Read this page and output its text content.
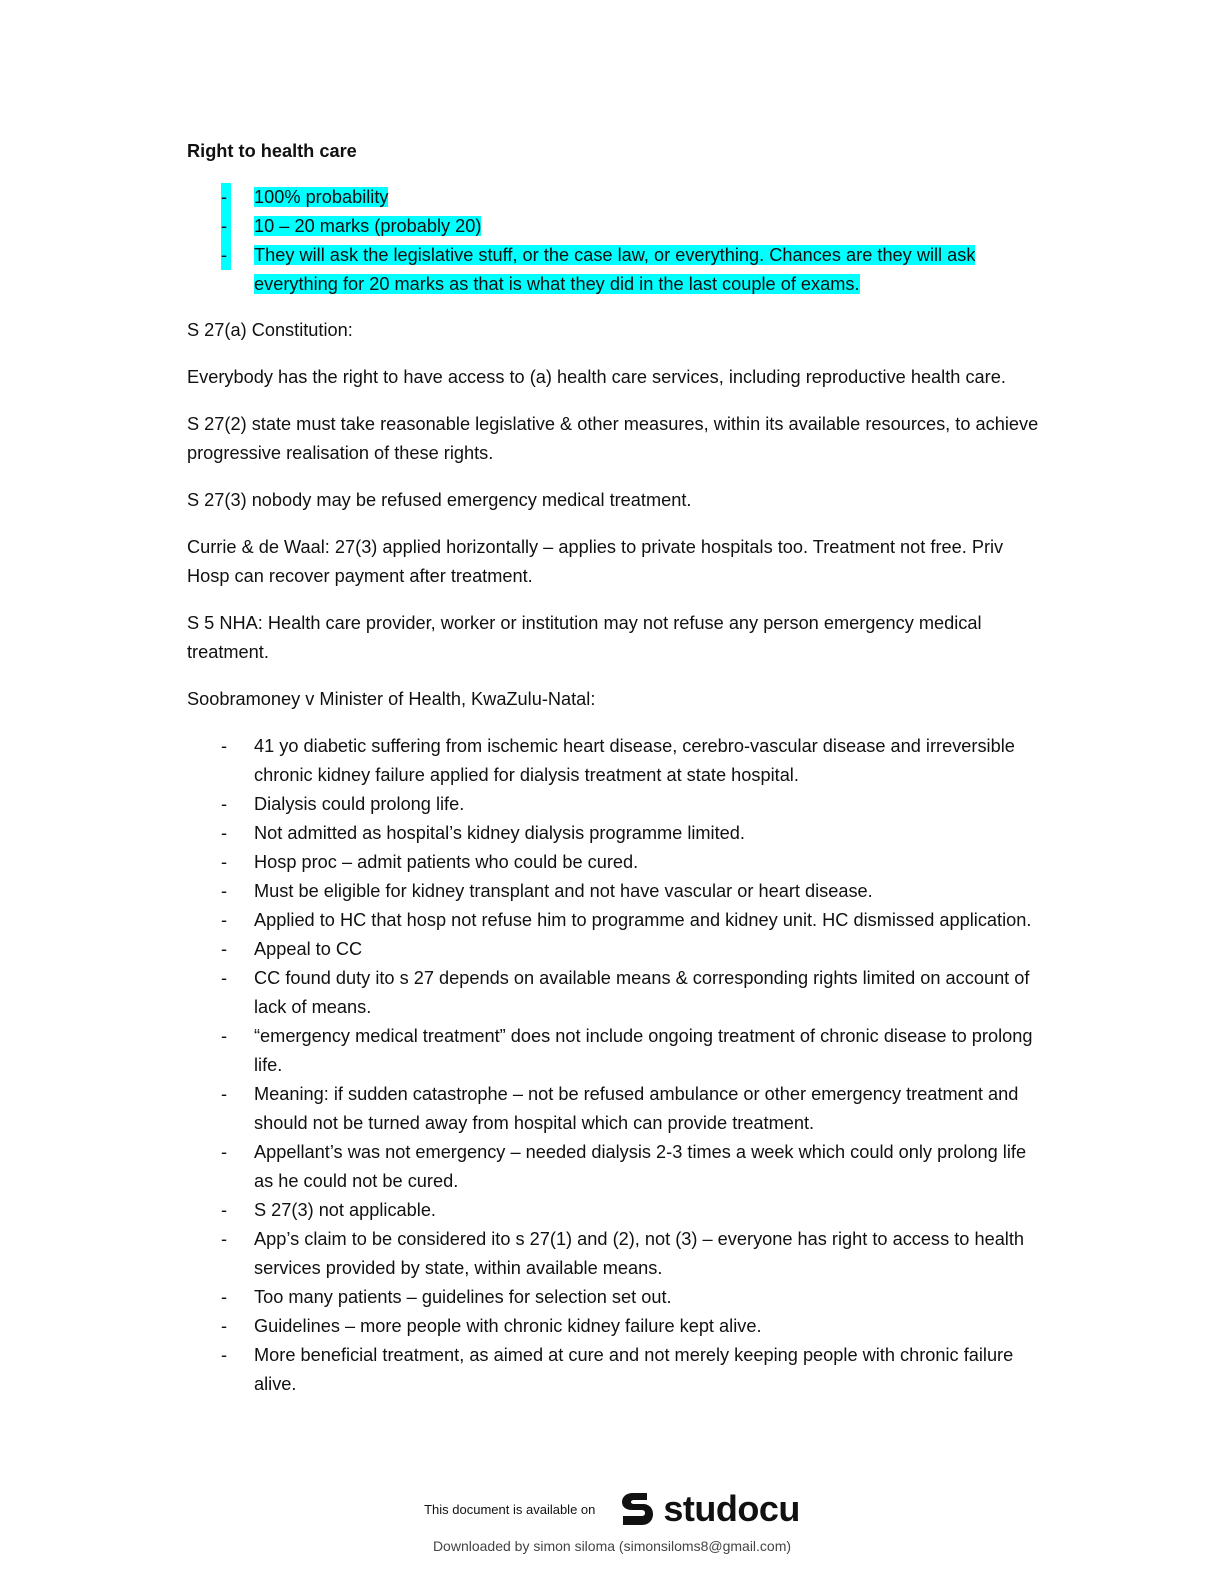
Right to health care
- 100% probability
- 10 – 20 marks (probably 20)
- They will ask the legislative stuff, or the case law, or everything. Chances are they will ask everything for 20 marks as that is what they did in the last couple of exams.

S 27(a) Constitution:

Everybody has the right to have access to (a) health care services, including reproductive health care.

S 27(2) state must take reasonable legislative & other measures, within its available resources, to achieve progressive realisation of these rights.

S 27(3) nobody may be refused emergency medical treatment.

Currie & de Waal: 27(3) applied horizontally – applies to private hospitals too. Treatment not free. Priv Hosp can recover payment after treatment.

S 5 NHA: Health care provider, worker or institution may not refuse any person emergency medical treatment.

Soobramoney v Minister of Health, KwaZulu-Natal:

- 41 yo diabetic suffering from ischemic heart disease, cerebro-vascular disease and irreversible chronic kidney failure applied for dialysis treatment at state hospital.
- Dialysis could prolong life.
- Not admitted as hospital’s kidney dialysis programme limited.
- Hosp proc – admit patients who could be cured.
- Must be eligible for kidney transplant and not have vascular or heart disease.
- Applied to HC that hosp not refuse him to programme and kidney unit. HC dismissed application.
- Appeal to CC
- CC found duty ito s 27 depends on available means & corresponding rights limited on account of lack of means.
- “emergency medical treatment” does not include ongoing treatment of chronic disease to prolong life.
- Meaning: if sudden catastrophe – not be refused ambulance or other emergency treatment and should not be turned away from hospital which can provide treatment.
- Appellant’s was not emergency – needed dialysis 2-3 times a week which could only prolong life as he could not be cured.
- S 27(3) not applicable.
- App’s claim to be considered ito s 27(1) and (2), not (3) – everyone has right to access to health services provided by state, within available means.
- Too many patients – guidelines for selection set out.
- Guidelines – more people with chronic kidney failure kept alive.
- More beneficial treatment, as aimed at cure and not merely keeping people with chronic failure alive.
This document is available on studocu
Downloaded by simon siloma (simonsiloms8@gmail.com)
